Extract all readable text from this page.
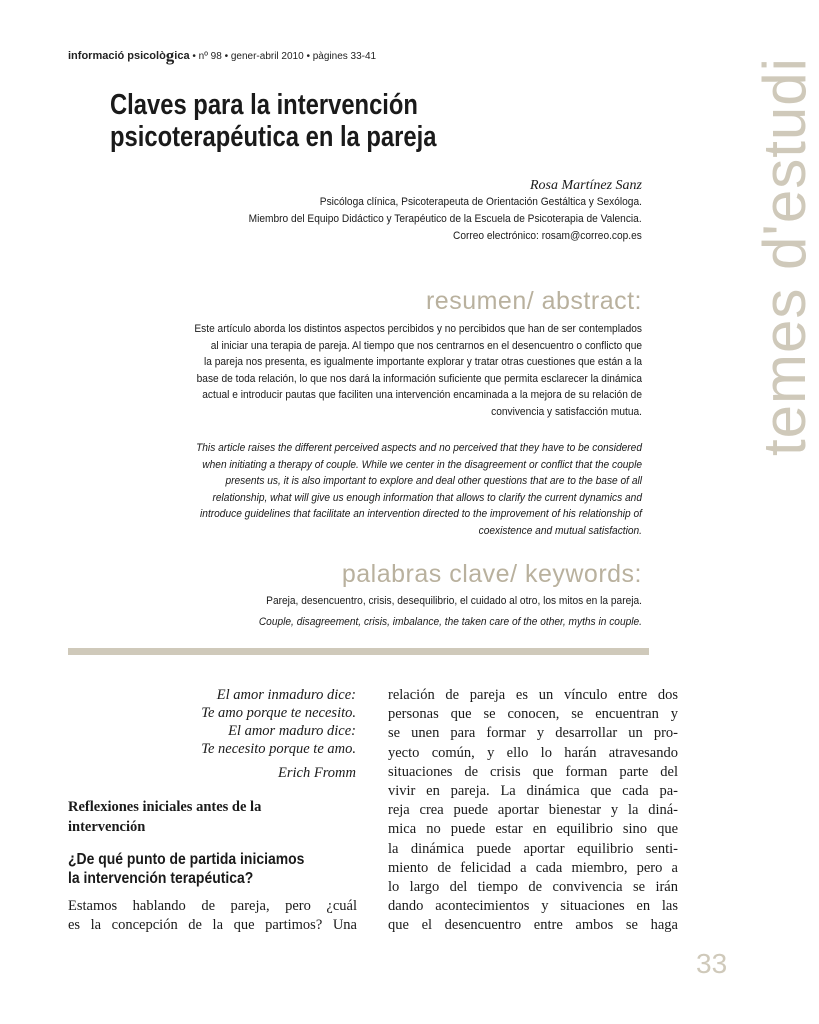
informació psicològica • nº 98 • gener-abril 2010 • pàgines 33-41
temes d'estudi
Claves para la intervención
psicoterapéutica en la pareja
Rosa Martínez Sanz
Psicóloga clínica, Psicoterapeuta de Orientación Gestáltica y Sexóloga.
Miembro del Equipo Didáctico y Terapéutico de la Escuela de Psicoterapia de Valencia.
Correo electrónico: rosam@correo.cop.es
resumen/ abstract:
Este artículo aborda los distintos aspectos percibidos y no percibidos que han de ser contemplados
al iniciar una terapia de pareja. Al tiempo que nos centrarnos en el desencuentro o conflicto que
la pareja nos presenta, es igualmente importante explorar y tratar otras cuestiones que están a la
base de toda relación, lo que nos dará la información suficiente que permita esclarecer la dinámica
actual e introducir pautas que faciliten una intervención encaminada a la mejora de su relación de
convivencia y satisfacción mutua.
This article raises the different perceived aspects and no perceived that they have to be considered
when initiating a therapy of couple. While we center in the disagreement or conflict that the couple
presents us, it is also important to explore and deal other questions that are to the base of all
relationship, what will give us enough information that allows to clarify the current dynamics and
introduce guidelines that facilitate an intervention directed to the improvement of his relationship of
coexistence and mutual satisfaction.
palabras clave/ keywords:
Pareja, desencuentro, crisis, desequilibrio, el cuidado al otro, los mitos en la pareja.
Couple, disagreement, crisis, imbalance, the taken care of the other, myths in couple.
El amor inmaduro dice:
Te amo porque te necesito.
El amor maduro dice:
Te necesito porque te amo.
Erich Fromm
Reflexiones iniciales antes de la
intervención
¿De qué punto de partida iniciamos
la intervención terapéutica?
Estamos hablando de pareja, pero ¿cuál
es la concepción de la que partimos? Una
relación de pareja es un vínculo entre dos
personas que se conocen, se encuentran y
se unen para formar y desarrollar un pro-
yecto común, y ello lo harán atravesando
situaciones de crisis que forman parte del
vivir en pareja. La dinámica que cada pa-
reja crea puede aportar bienestar y la diná-
mica no puede estar en equilibrio sino que
la dinámica puede aportar equilibrio senti-
miento de felicidad a cada miembro, pero a
lo largo del tiempo de convivencia se irán
dando acontecimientos y situaciones en las
que el desencuentro entre ambos se haga
33
